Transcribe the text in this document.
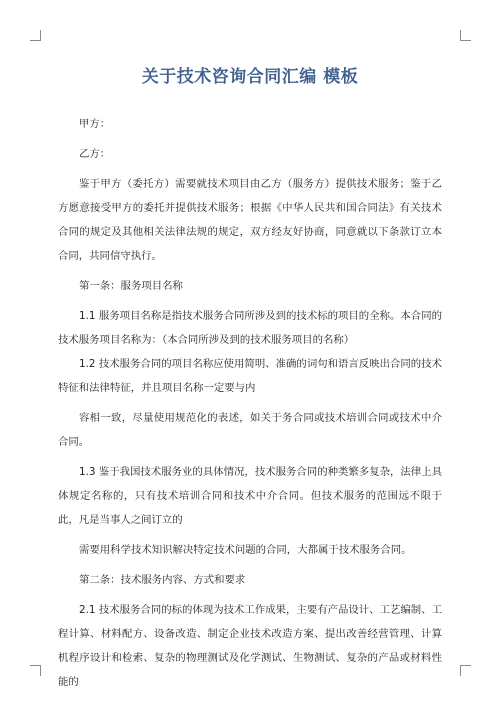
关于技术咨询合同汇编 模板

甲方：

乙方：

鉴于甲方（委托方）需要就技术项目由乙方（服务方）提供技术服务；鉴于乙方愿意接受甲方的委托并提供技术服务；根据《中华人民共和国合同法》有关技术合同的规定及其他相关法律法规的规定，双方经友好协商，同意就以下条款订立本合同，共同信守执行。

第一条：服务项目名称

1.1 服务项目名称是指技术服务合同所涉及到的技术标的项目的全称。本合同的技术服务项目名称为：（本合同所涉及到的技术服务项目的名称）

1.2 技术服务合同的项目名称应使用简明、准确的词句和语言反映出合同的技术特征和法律特征，并且项目名称一定要与内

容相一致，尽量使用规范化的表述，如关于务合同或技术培训合同或技术中介合同。

1.3 鉴于我国技术服务业的具体情况，技术服务合同的种类繁多复杂，法律上具体规定名称的，只有技术培训合同和技术中介合同。但技术服务的范围远不限于此，凡是当事人之间订立的

需要用科学技术知识解决特定技术问题的合同，大都属于技术服务合同。

第二条：技术服务内容、方式和要求

2.1 技术服务合同的标的体现为技术工作成果，主要有产品设计、工艺编制、工程计算、材料配方、设备改造、制定企业技术改造方案、提出改善经营管理、计算机程序设计和检索、复杂的物理测试及化学测试、生物测试、复杂的产品或材料性能的
